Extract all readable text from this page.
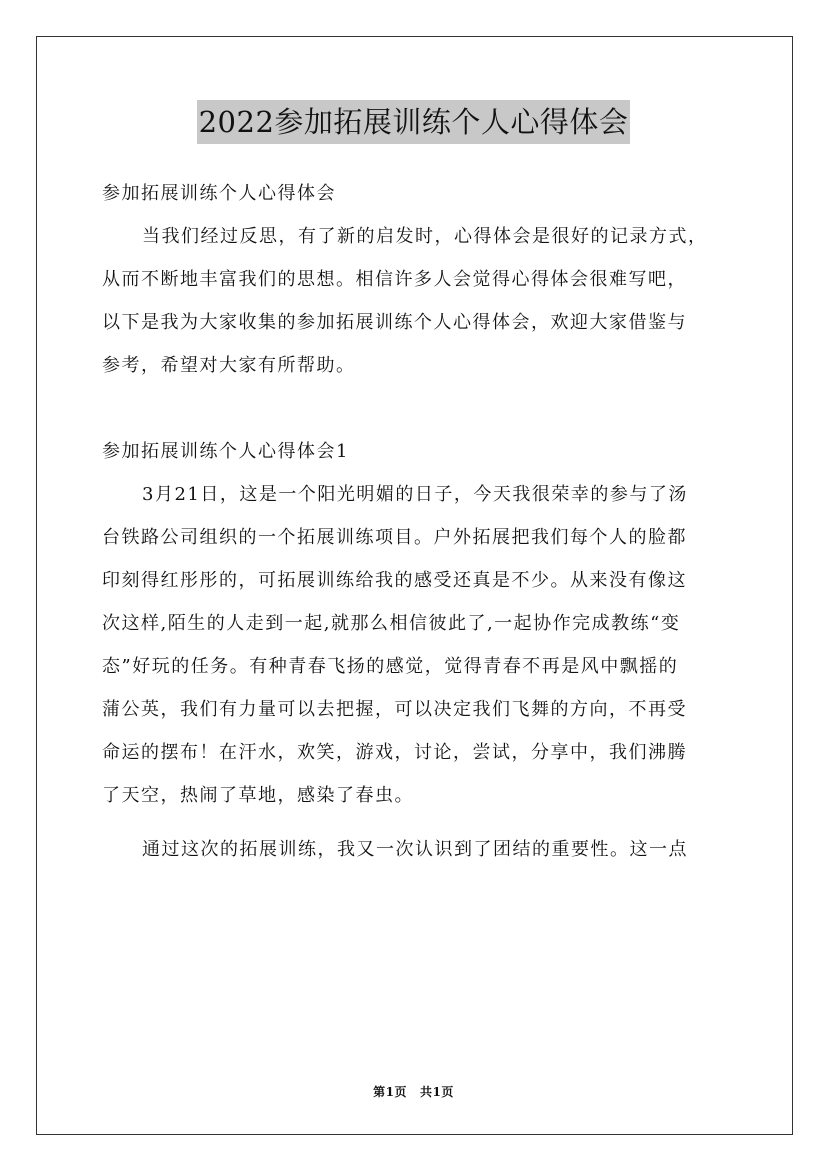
2022参加拓展训练个人心得体会
参加拓展训练个人心得体会
当我们经过反思，有了新的启发时，心得体会是很好的记录方式，
从而不断地丰富我们的思想。相信许多人会觉得心得体会很难写吧，
以下是我为大家收集的参加拓展训练个人心得体会，欢迎大家借鉴与
参考，希望对大家有所帮助。
参加拓展训练个人心得体会1
3月21日，这是一个阳光明媚的日子，今天我很荣幸的参与了汤
台铁路公司组织的一个拓展训练项目。户外拓展把我们每个人的脸都
印刻得红彤彤的，可拓展训练给我的感受还真是不少。从来没有像这
次这样,陌生的人走到一起,就那么相信彼此了,一起协作完成教练“变
态”好玩的任务。有种青春飞扬的感觉，觉得青春不再是风中飘摇的
蒲公英，我们有力量可以去把握，可以决定我们飞舞的方向，不再受
命运的摆布！在汗水，欢笑，游戏，讨论，尝试，分享中，我们沸腾
了天空，热闹了草地，感染了春虫。
通过这次的拓展训练，我又一次认识到了团结的重要性。这一点
第1页 共1页
